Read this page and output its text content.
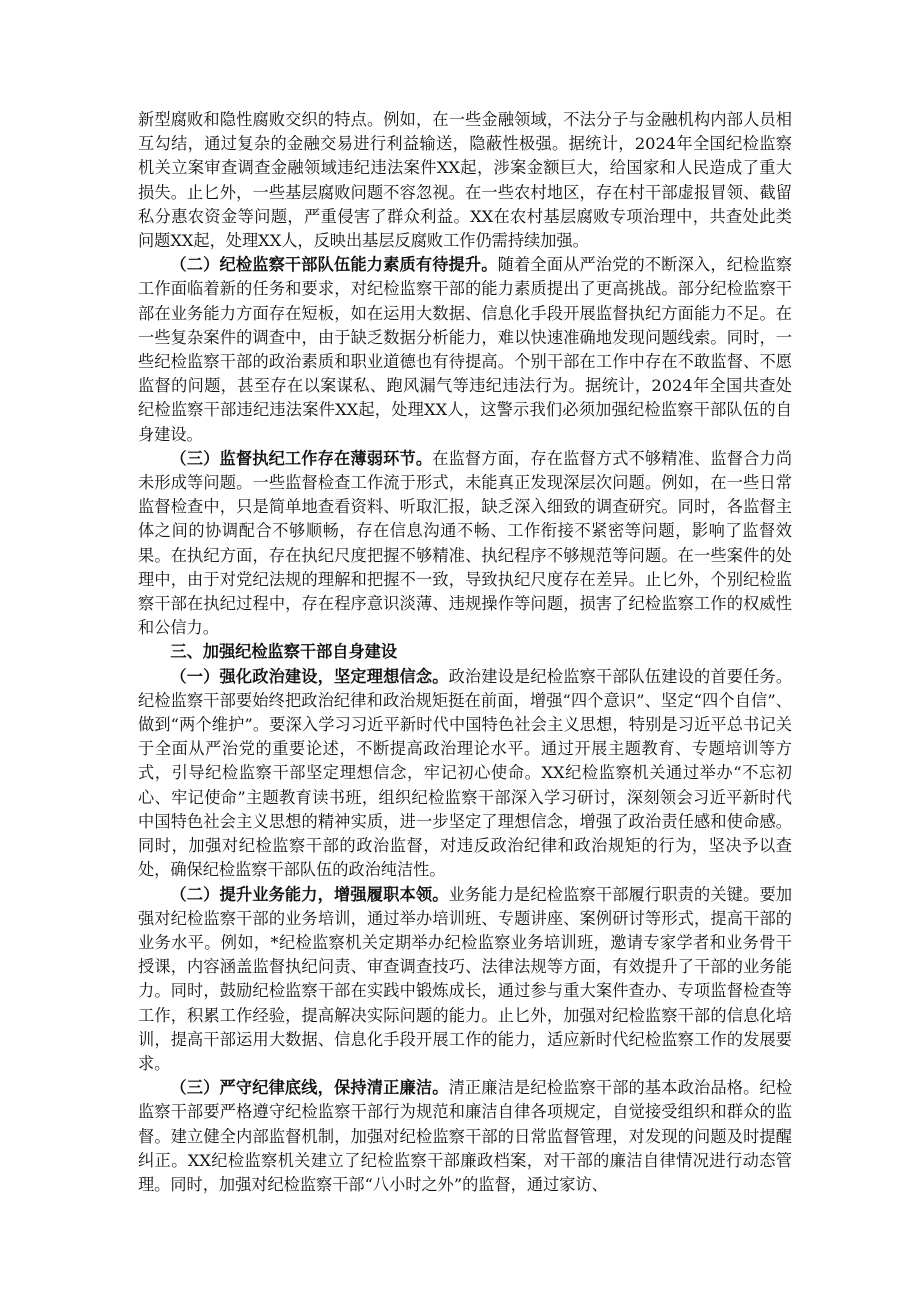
新型腐败和隐性腐败交织的特点。例如，在一些金融领域，不法分子与金融机构内部人员相互勾结，通过复杂的金融交易进行利益输送，隐蔽性极强。据统计，2024年全国纪检监察机关立案审查调查金融领域违纪违法案件XX起，涉案金额巨大，给国家和人民造成了重大损失。止匕外，一些基层腐败问题不容忽视。在一些农村地区，存在村干部虚报冒领、截留私分惠农资金等问题，严重侵害了群众利益。XX在农村基层腐败专项治理中，共查处此类问题XX起，处理XX人，反映出基层反腐败工作仍需持续加强。

（二）纪检监察干部队伍能力素质有待提升。随着全面从严治党的不断深入，纪检监察工作面临着新的任务和要求，对纪检监察干部的能力素质提出了更高挑战。部分纪检监察干部在业务能力方面存在短板，如在运用大数据、信息化手段开展监督执纪方面能力不足。在一些复杂案件的调查中，由于缺乏数据分析能力，难以快速准确地发现问题线索。同时，一些纪检监察干部的政治素质和职业道德也有待提高。个别干部在工作中存在不敢监督、不愿监督的问题，甚至存在以案谋私、跑风漏气等违纪违法行为。据统计，2024年全国共查处纪检监察干部违纪违法案件XX起，处理XX人，这警示我们必须加强纪检监察干部队伍的自身建设。

（三）监督执纪工作存在薄弱环节。在监督方面，存在监督方式不够精准、监督合力尚未形成等问题。一些监督检查工作流于形式，未能真正发现深层次问题。例如，在一些日常监督检查中，只是简单地查看资料、听取汇报，缺乏深入细致的调查研究。同时，各监督主体之间的协调配合不够顺畅，存在信息沟通不畅、工作衔接不紧密等问题，影响了监督效果。在执纪方面，存在执纪尺度把握不够精准、执纪程序不够规范等问题。在一些案件的处理中，由于对党纪法规的理解和把握不一致，导致执纪尺度存在差异。止匕外，个别纪检监察干部在执纪过程中，存在程序意识淡薄、违规操作等问题，损害了纪检监察工作的权威性和公信力。

三、加强纪检监察干部自身建设

（一）强化政治建设，坚定理想信念。政治建设是纪检监察干部队伍建设的首要任务。纪检监察干部要始终把政治纪律和政治规矩挺在前面，增强“四个意识”、坚定“四个自信”、做到“两个维护”。要深入学习习近平新时代中国特色社会主义思想，特别是习近平总书记关于全面从严治党的重要论述，不断提高政治理论水平。通过开展主题教育、专题培训等方式，引导纪检监察干部坚定理想信念，牢记初心使命。XX纪检监察机关通过举办“不忘初心、牢记使命”主题教育读书班，组织纪检监察干部深入学习研讨，深刻领会习近平新时代中国特色社会主义思想的精神实质，进一步坚定了理想信念，增强了政治责任感和使命感。同时，加强对纪检监察干部的政治监督，对违反政治纪律和政治规矩的行为，坚决予以查处，确保纪检监察干部队伍的政治纯洁性。

（二）提升业务能力，增强履职本领。业务能力是纪检监察干部履行职责的关键。要加强对纪检监察干部的业务培训，通过举办培训班、专题讲座、案例研讨等形式，提高干部的业务水平。例如，*纪检监察机关定期举办纪检监察业务培训班，邀请专家学者和业务骨干授课，内容涵盖监督执纪问责、审查调查技巧、法律法规等方面，有效提升了干部的业务能力。同时，鼓励纪检监察干部在实践中锻炼成长，通过参与重大案件查办、专项监督检查等工作，积累工作经验，提高解决实际问题的能力。止匕外，加强对纪检监察干部的信息化培训，提高干部运用大数据、信息化手段开展工作的能力，适应新时代纪检监察工作的发展要求。

（三）严守纪律底线，保持清正廉洁。清正廉洁是纪检监察干部的基本政治品格。纪检监察干部要严格遵守纪检监察干部行为规范和廉洁自律各项规定，自觉接受组织和群众的监督。建立健全内部监督机制，加强对纪检监察干部的日常监督管理，对发现的问题及时提醒纠正。XX纪检监察机关建立了纪检监察干部廉政档案，对干部的廉洁自律情况进行动态管理。同时，加强对纪检监察干部“八小时之外”的监督，通过家访、
